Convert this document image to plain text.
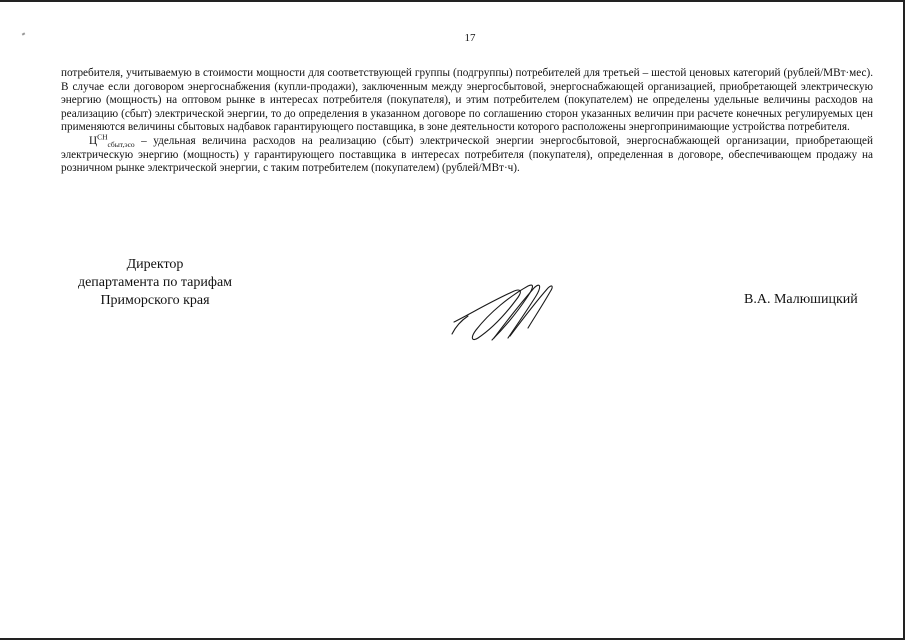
17

потребителя, учитываемую в стоимости мощности для соответствующей группы (подгруппы) потребителей для третьей – шестой ценовых категорий (рублей/МВт·мес). В случае если договором энергоснабжения (купли-продажи), заключенным между энергосбытовой, энергоснабжающей организацией, приобретающей электрическую энергию (мощность) на оптовом рынке в интересах потребителя (покупателя), и этим потребителем (покупателем) не определены удельные величины расходов на реализацию (сбыт) электрической энергии, то до определения в указанном договоре по соглашению сторон указанных величин при расчете конечных регулируемых цен применяются величины сбытовых надбавок гарантирующего поставщика, в зоне деятельности которого расположены энергопринимающие устройства потребителя.

$Ц^{СН}_{сбыт,эсо}$ – удельная величина расходов на реализацию (сбыт) электрической энергии энергосбытовой, энергоснабжающей организации, приобретающей электрическую энергию (мощность) у гарантирующего поставщика в интересах потребителя (покупателя), определенная в договоре, обеспечивающем продажу на розничном рынке электрической энергии, с таким потребителем (покупателем) (рублей/МВт·ч).

Директор
департамента по тарифам
Приморского края	В.А. Малюшицкий
